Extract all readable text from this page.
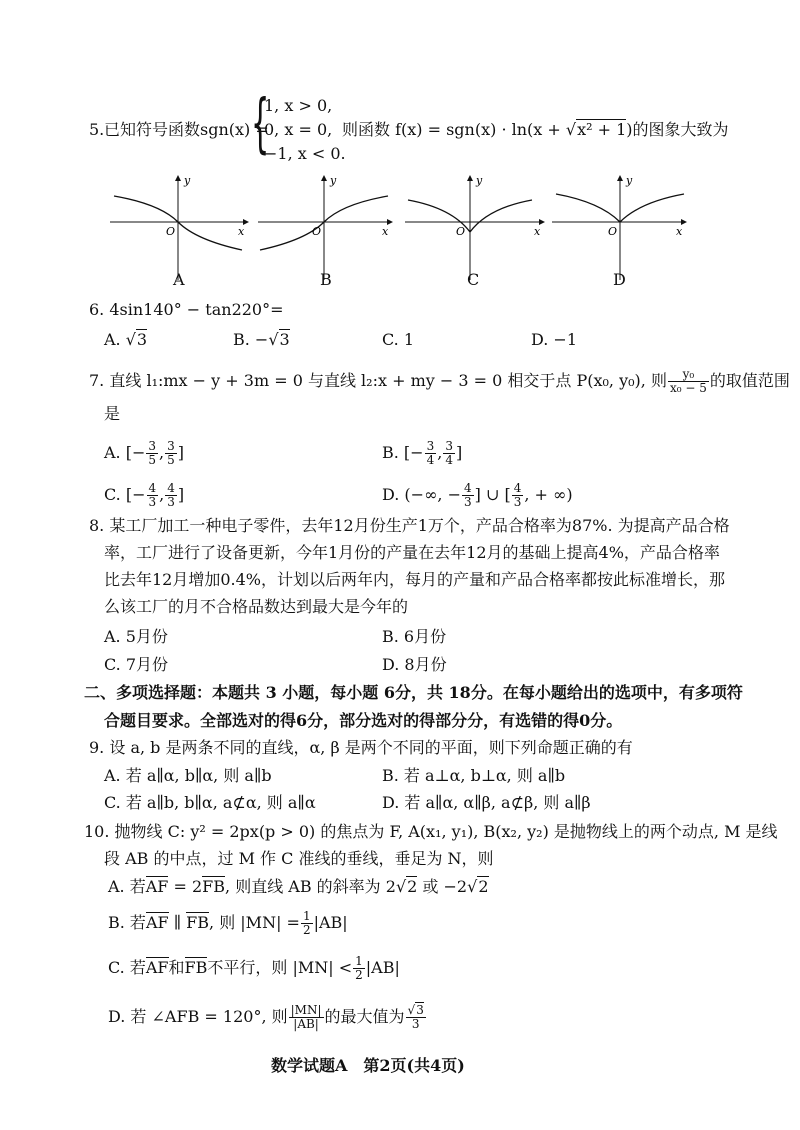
5. 已知符号函数sgn(x) =
{
1, x > 0,
0, x = 0,
−1, x < 0.
则函数 f(x) = sgn(x) · ln(x + √x² + 1)的图象大致为
y
x
O
y
x
O
y
x
O
y
x
O
A	B	C	D
6. 4sin140° − tan220°=
A. √3	B. −√3	C. 1	D. −1
7. 直线 l₁:mx − y + 3m = 0 与直线 l₂:x + my − 3 = 0 相交于点 P(x₀, y₀), 则 $\frac{\text{y₀}}{\text{x₀ − 5}}$ 的取值范围
是
A. [− $\frac{3}{5}$ , $\frac{3}{5}$ ]	B. [− $\frac{3}{4}$ , $\frac{3}{4}$ ]
C. [− $\frac{4}{3}$ , $\frac{4}{3}$ ]	D. (−∞, − $\frac{4}{3}$ ] ∪ [ $\frac{4}{3}$ , + ∞)
8. 某工厂加工一种电子零件，去年12月份生产1万个，产品合格率为87%. 为提高产品合格
率，工厂进行了设备更新，今年1月份的产量在去年12月的基础上提高4%，产品合格率
比去年12月增加0.4%，计划以后两年内，每月的产量和产品合格率都按此标准增长，那
么该工厂的月不合格品数达到最大是今年的
A. 5月份	B. 6月份
C. 7月份	D. 8月份
二、多项选择题：本题共 3 小题，每小题 6分，共 18分。在每小题给出的选项中，有多项符
合题目要求。全部选对的得6分，部分选对的得部分分，有选错的得0分。
9. 设 a, b 是两条不同的直线，α, β 是两个不同的平面，则下列命题正确的有
A. 若 a∥α, b∥α, 则 a∥b	B. 若 a⊥α, b⊥α, 则 a∥b
C. 若 a∥b, b∥α, a⊄α, 则 a∥α	D. 若 a∥α, α∥β, a⊄β, 则 a∥β
10. 抛物线 C: y² = 2px(p > 0) 的焦点为 F, A(x₁, y₁), B(x₂, y₂) 是抛物线上的两个动点, M 是线
段 AB 的中点，过 M 作 C 准线的垂线，垂足为 N，则
A. 若AF = 2FB, 则直线 AB 的斜率为 2√2 或 −2√2
B. 若AF ∥ FB, 则 $|MN| = \frac{1}{2} |AB|$
C. 若AF和FB不平行，则 $|MN| < \frac{1}{2} |AB|$
D. 若 ∠AFB = 120°, 则 $\frac{|MN|}{|AB|}$ 的最大值为 $\frac{√3}{3}$
数学试题A　第2页(共4页)
